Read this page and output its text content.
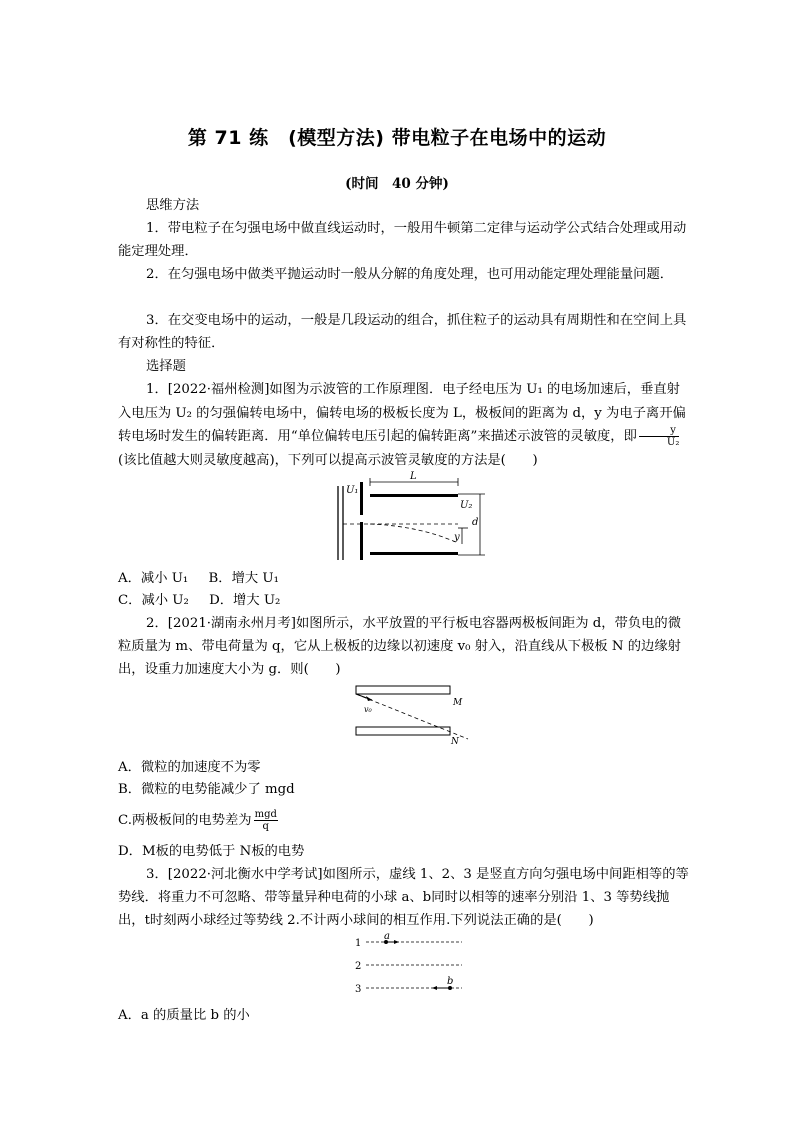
第 71 练　(模型方法) 带电粒子在电场中的运动
(时间　40 分钟)
思维方法
1．带电粒子在匀强电场中做直线运动时，一般用牛顿第二定律与运动学公式结合处理或用动能定理处理．
2．在匀强电场中做类平抛运动时一般从分解的角度处理，也可用动能定理处理能量问题．
3．在交变电场中的运动，一般是几段运动的组合，抓住粒子的运动具有周期性和在空间上具有对称性的特征．
选择题
1．[2022·福州检测]如图为示波管的工作原理图．电子经电压为 U₁ 的电场加速后，垂直射入电压为 U₂ 的匀强偏转电场中，偏转电场的极板长度为 L，极板间的距离为 d，y 为电子离开偏转电场时发生的偏转距离．用“单位偏转电压引起的偏转距离”来描述示波管的灵敏度，即 $\frac{y}{\text{U₂}}$
(该比值越大则灵敏度越高)，下列可以提高示波管灵敏度的方法是(　　)
U₁
L
U₂
d
y
A．减小 U₁ B．增大 U₁
C．减小 U₂ D．增大 U₂
2．[2021·湖南永州月考]如图所示，水平放置的平行板电容器两极板间距为 d，带负电的微粒质量为 m、带电荷量为 q，它从上极板的边缘以初速度 v₀ 射入，沿直线从下极板 N 的边缘射出，设重力加速度大小为 g．则(　　)
v₀
M
N
A．微粒的加速度不为零
B．微粒的电势能减少了 mgd
C.两极板间的电势差为 $\frac{\text{mgd}}{q}$
D．M板的电势低于 N板的电势
3．[2022·河北衡水中学考试]如图所示，虚线 1、2、3 是竖直方向匀强电场中间距相等的等势线．将重力不可忽略、带等量异种电荷的小球 a、b同时以相等的速率分别沿 1、3 等势线抛出，t时刻两小球经过等势线 2.不计两小球间的相互作用.下列说法正确的是(　　)
1
2
3
a
b
A．a 的质量比 b 的小
